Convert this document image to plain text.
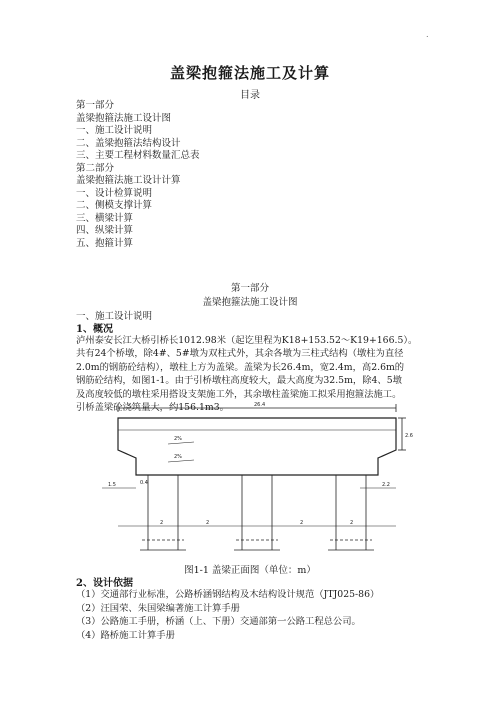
.
盖梁抱箍法施工及计算
目录
第一部分
盖梁抱箍法施工设计图
一、施工设计说明
二、盖梁抱箍法结构设计
三、主要工程材料数量汇总表
第二部分
盖梁抱箍法施工设计计算
一、设计检算说明
二、侧模支撑计算
三、横梁计算
四、纵梁计算
五、抱箍计算
第一部分
盖梁抱箍法施工设计图
一、施工设计说明
1、概况

泸州泰安长江大桥引桥长1012.98米（起讫里程为K18+153.52～K19+166.5）。
共有24个桥墩，除4#、5#墩为双柱式外，其余各墩为三柱式结构（墩柱为直径
2.0m的钢筋砼结构），墩柱上方为盖梁。盖梁为长26.4m，宽2.4m，高2.6m的
钢筋砼结构，如图1-1。由于引桥墩柱高度较大，最大高度为32.5m，除4、5墩
及高度较低的墩柱采用搭设支架施工外，其余墩柱盖梁施工拟采用抱箍法施工。
引桥盖梁砼浇筑量大，约156.1m3。	26.4
2%
2%
2.6
1.5	0.4	2.2
2	2	2	2
图1-1 盖梁正面图（单位：m）
2、设计依据
（1）交通部行业标准，公路桥涵钢结构及木结构设计规范（JTJ025-86）
（2）汪国荣、朱国梁编著施工计算手册
（3）公路施工手册，桥涵（上、下册）交通部第一公路工程总公司。
（4）路桥施工计算手册
